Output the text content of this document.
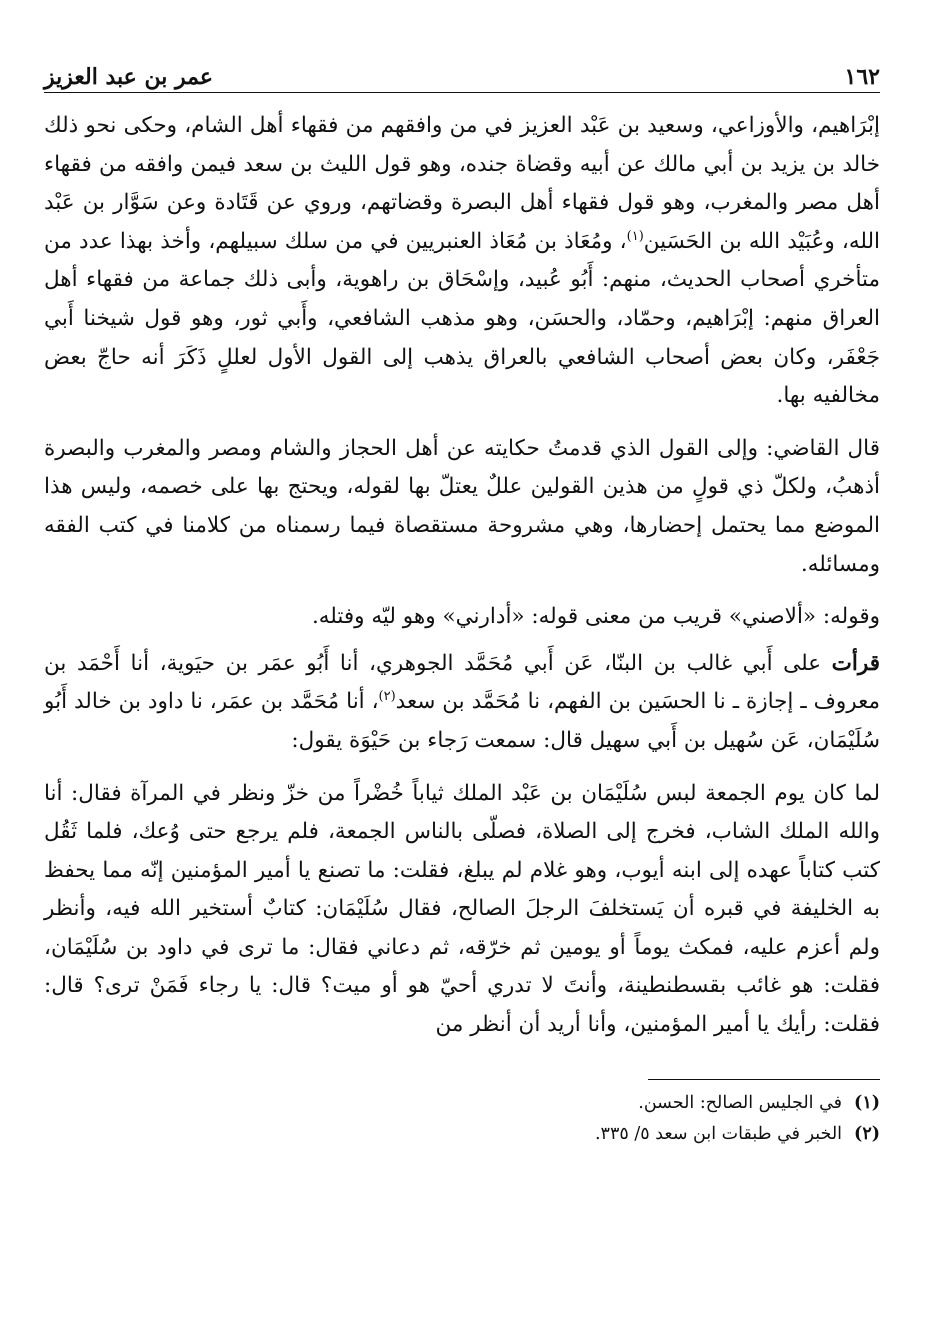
١٦٢
عمر بن عبد العزيز

إبْرَاهيم، والأوزاعي، وسعيد بن عَبْد العزيز في من وافقهم من فقهاء أهل الشام، وحكى نحو ذلك خالد بن يزيد بن أبي مالك عن أبيه وقضاة جنده، وهو قول الليث بن سعد فيمن وافقه من فقهاء أهل مصر والمغرب، وهو قول فقهاء أهل البصرة وقضاتهم، وروي عن قَتَادة وعن سَوَّار بن عَبْد الله، وعُبَيْد الله بن الحَسَين$^{(١)}$، ومُعَاذ بن مُعَاذ العنبريين في من سلك سبيلهم، وأخذ بهذا عدد من متأخري أصحاب الحديث، منهم: أَبُو عُبيد، وإسْحَاق بن راهوية، وأبى ذلك جماعة من فقهاء أهل العراق منهم: إبْرَاهيم، وحمّاد، والحسَن، وهو مذهب الشافعي، وأَبي ثور، وهو قول شيخنا أَبي جَعْفَر، وكان بعض أصحاب الشافعي بالعراق يذهب إلى القول الأول لعللٍ ذَكَرَ أنه حاجّ بعض مخالفيه بها.

قال القاضي: وإلى القول الذي قدمتُ حكايته عن أهل الحجاز والشام ومصر والمغرب والبصرة أذهبُ، ولكلّ ذي قولٍ من هذين القولين عللٌ يعتلّ بها لقوله، ويحتج بها على خصمه، وليس هذا الموضع مما يحتمل إحضارها، وهي مشروحة مستقصاة فيما رسمناه من كلامنا في كتب الفقه ومسائله.

وقوله: «ألاصني» قريب من معنى قوله: «أدارني» وهو ليّه وفتله.

قرأت على أَبي غالب بن البنّا، عَن أَبي مُحَمَّد الجوهري، أنا أَبُو عمَر بن حيَوية، أنا أَحْمَد بن معروف ـ إجازة ـ نا الحسَين بن الفهم، نا مُحَمَّد بن سعد$^{(٢)}$، أنا مُحَمَّد بن عمَر، نا داود بن خالد أَبُو سُلَيْمَان، عَن سُهيل بن أَبي سهيل قال: سمعت رَجاء بن حَيْوَة يقول:

لما كان يوم الجمعة لبس سُلَيْمَان بن عَبْد الملك ثياباً خُضْراً من خزّ ونظر في المرآة فقال: أنا والله الملك الشاب، فخرج إلى الصلاة، فصلّى بالناس الجمعة، فلم يرجع حتى وُعك، فلما ثَقُل كتب كتاباً عهده إلى ابنه أيوب، وهو غلام لم يبلغ، فقلت: ما تصنع يا أمير المؤمنين إنّه مما يحفظ به الخليفة في قبره أن يَستخلفَ الرجلَ الصالح، فقال سُلَيْمَان: كتابٌ أستخير الله فيه، وأنظر ولم أعزم عليه، فمكث يوماً أو يومين ثم خرّقه، ثم دعاني فقال: ما ترى في داود بن سُلَيْمَان، فقلت: هو غائب بقسطنطينة، وأنتَ لا تدري أحيّ هو أو ميت؟ قال: يا رجاء فَمَنْ ترى؟ قال: فقلت: رأيك يا أمير المؤمنين، وأنا أريد أن أنظر من

(١)
في الجليس الصالح: الحسن.
(٢)
الخبر في طبقات ابن سعد ٥/ ٣٣٥.
